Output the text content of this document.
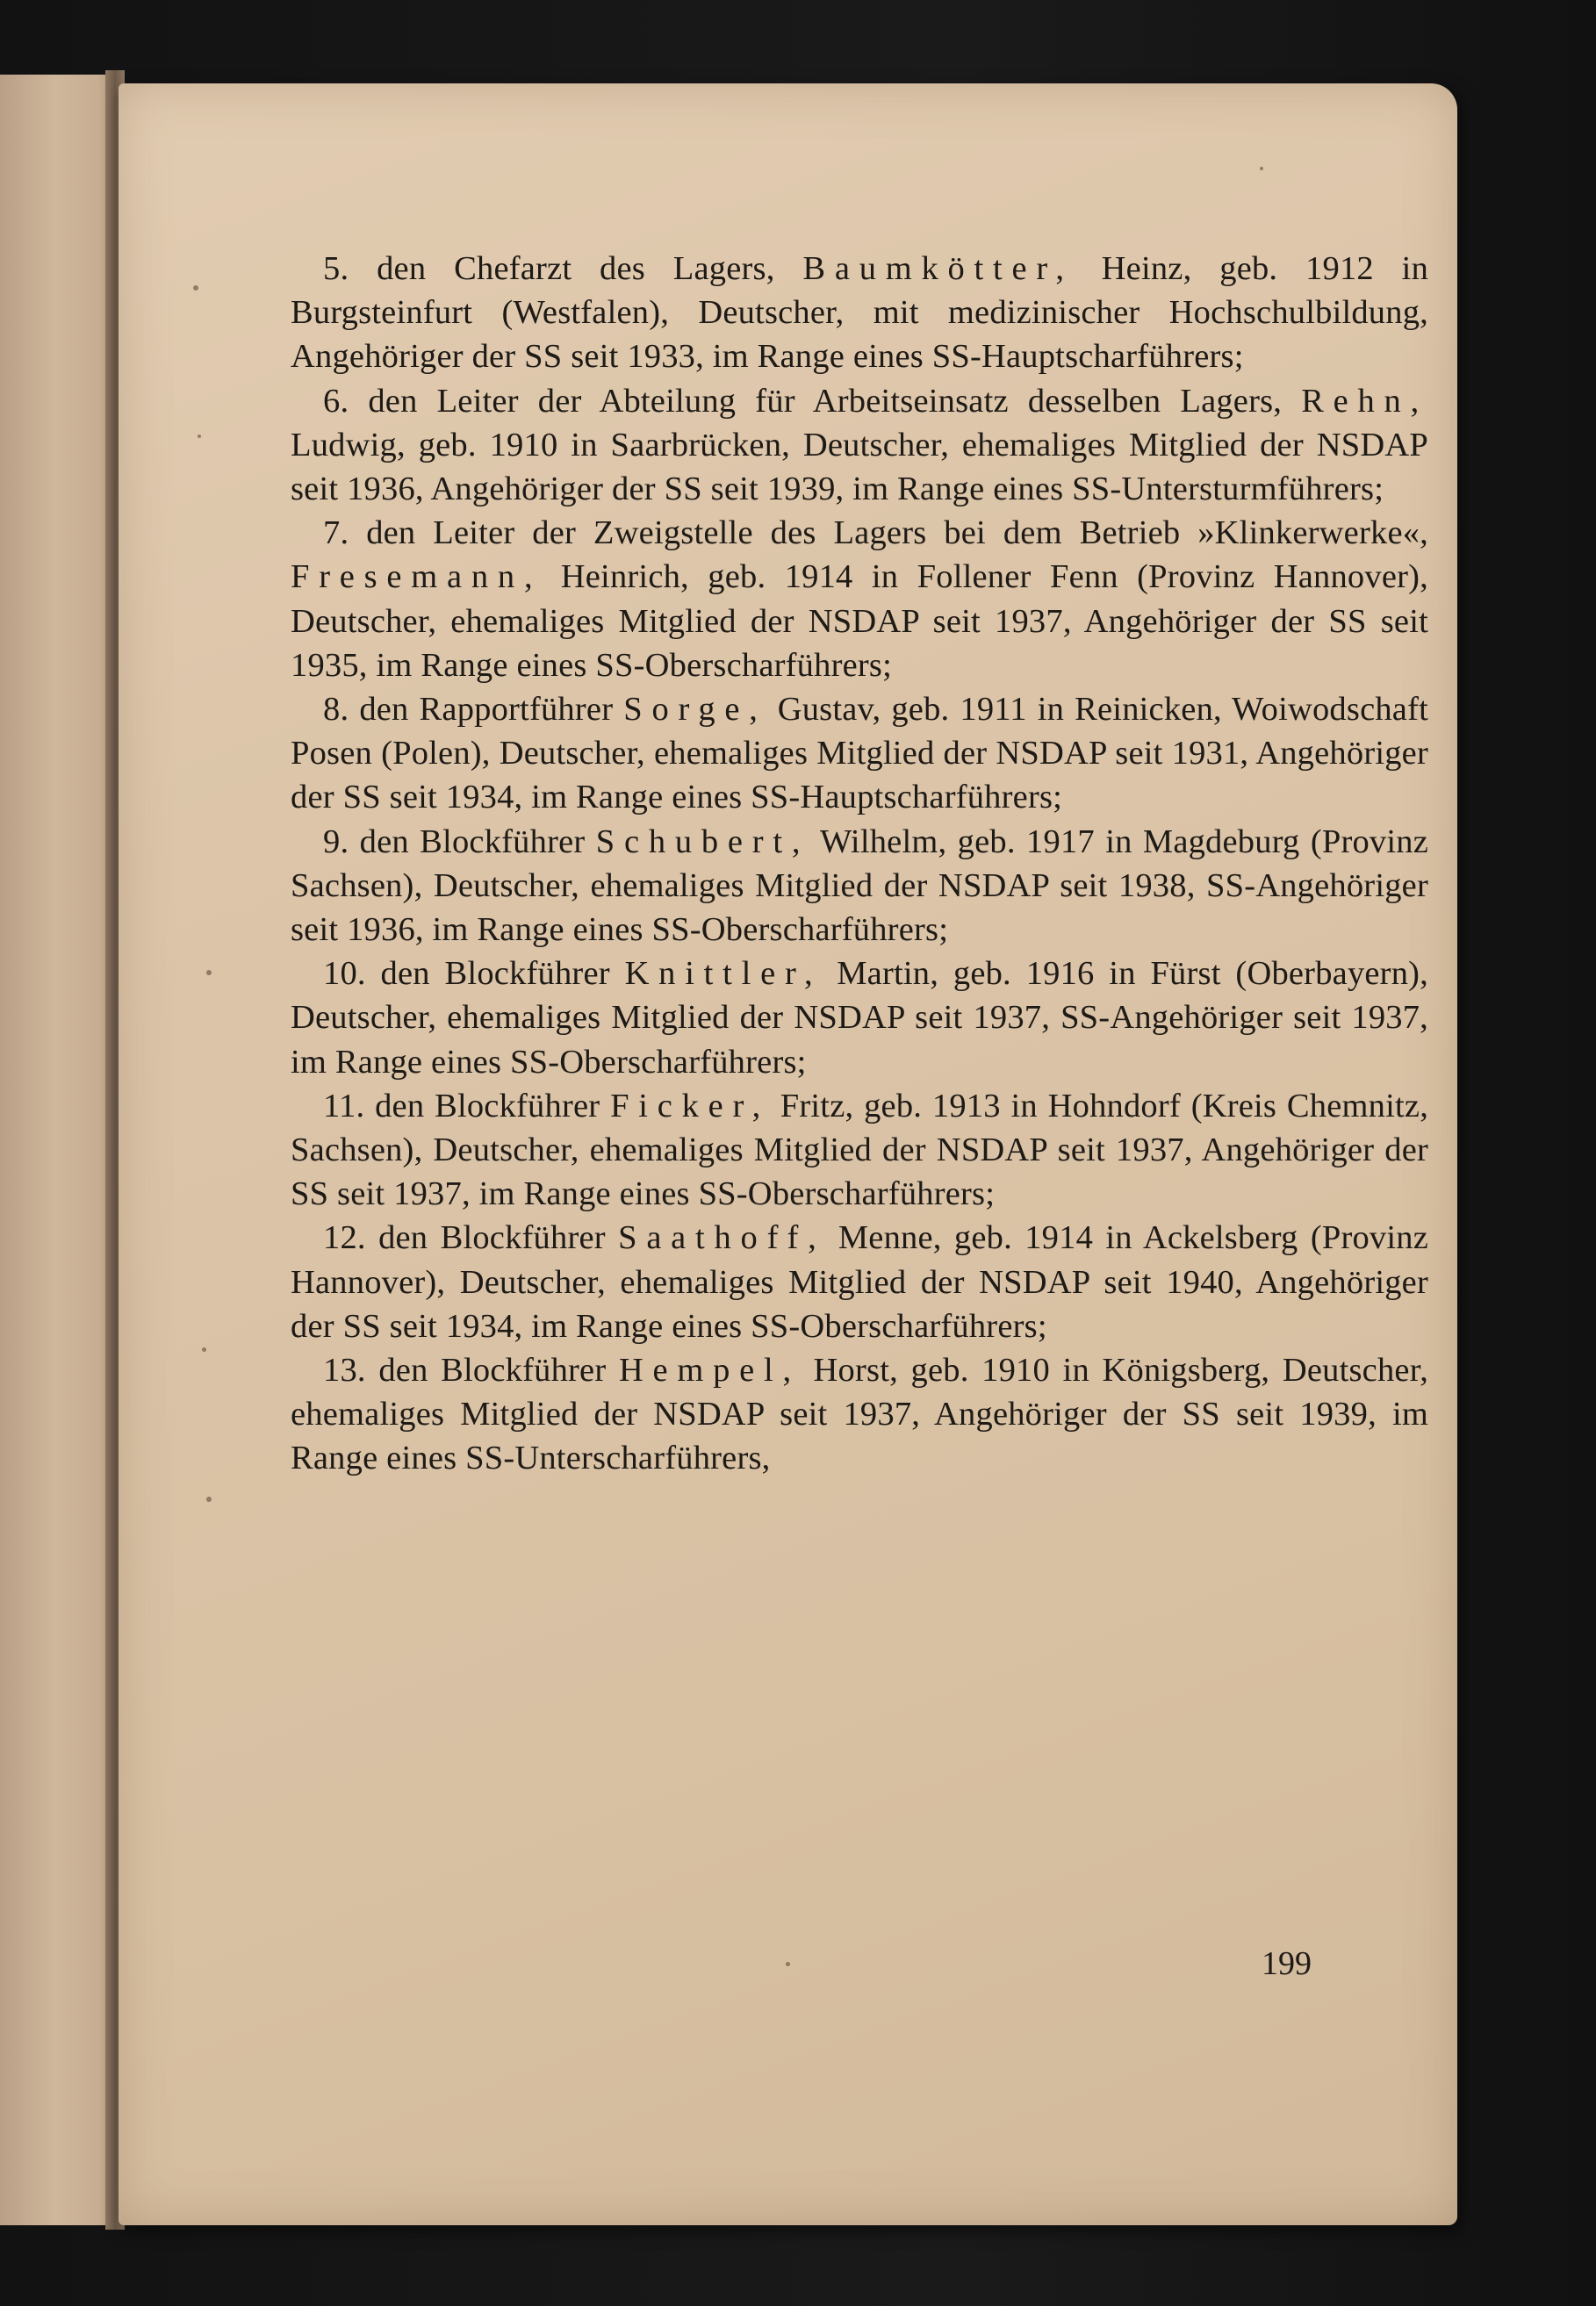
5. den Chefarzt des Lagers, Baumkötter, Heinz, geb. 1912 in Burgsteinfurt (Westfalen), Deutscher, mit medizinischer Hochschulbildung, Angehöriger der SS seit 1933, im Range eines SS-Hauptscharführers;

6. den Leiter der Abteilung für Arbeitseinsatz desselben Lagers, Rehn, Ludwig, geb. 1910 in Saarbrücken, Deutscher, ehemaliges Mitglied der NSDAP seit 1936, Angehöriger der SS seit 1939, im Range eines SS-Untersturmführers;

7. den Leiter der Zweigstelle des Lagers bei dem Betrieb »Klinkerwerke«, Fresemann, Heinrich, geb. 1914 in Follener Fenn (Provinz Hannover), Deutscher, ehemaliges Mitglied der NSDAP seit 1937, Angehöriger der SS seit 1935, im Range eines SS-Oberscharführers;

8. den Rapportführer Sorge, Gustav, geb. 1911 in Reinicken, Woiwodschaft Posen (Polen), Deutscher, ehemaliges Mitglied der NSDAP seit 1931, Angehöriger der SS seit 1934, im Range eines SS-Hauptscharführers;

9. den Blockführer Schubert, Wilhelm, geb. 1917 in Magdeburg (Provinz Sachsen), Deutscher, ehemaliges Mitglied der NSDAP seit 1938, SS-Angehöriger seit 1936, im Range eines SS-Oberscharführers;

10. den Blockführer Knittler, Martin, geb. 1916 in Fürst (Oberbayern), Deutscher, ehemaliges Mitglied der NSDAP seit 1937, SS-Angehöriger seit 1937, im Range eines SS-Oberscharführers;

11. den Blockführer Ficker, Fritz, geb. 1913 in Hohndorf (Kreis Chemnitz, Sachsen), Deutscher, ehemaliges Mitglied der NSDAP seit 1937, Angehöriger der SS seit 1937, im Range eines SS-Oberscharführers;

12. den Blockführer Saathoff, Menne, geb. 1914 in Ackelsberg (Provinz Hannover), Deutscher, ehemaliges Mitglied der NSDAP seit 1940, Angehöriger der SS seit 1934, im Range eines SS-Oberscharführers;

13. den Blockführer Hempel, Horst, geb. 1910 in Königsberg, Deutscher, ehemaliges Mitglied der NSDAP seit 1937, Angehöriger der SS seit 1939, im Range eines SS-Unterscharführers,

199
